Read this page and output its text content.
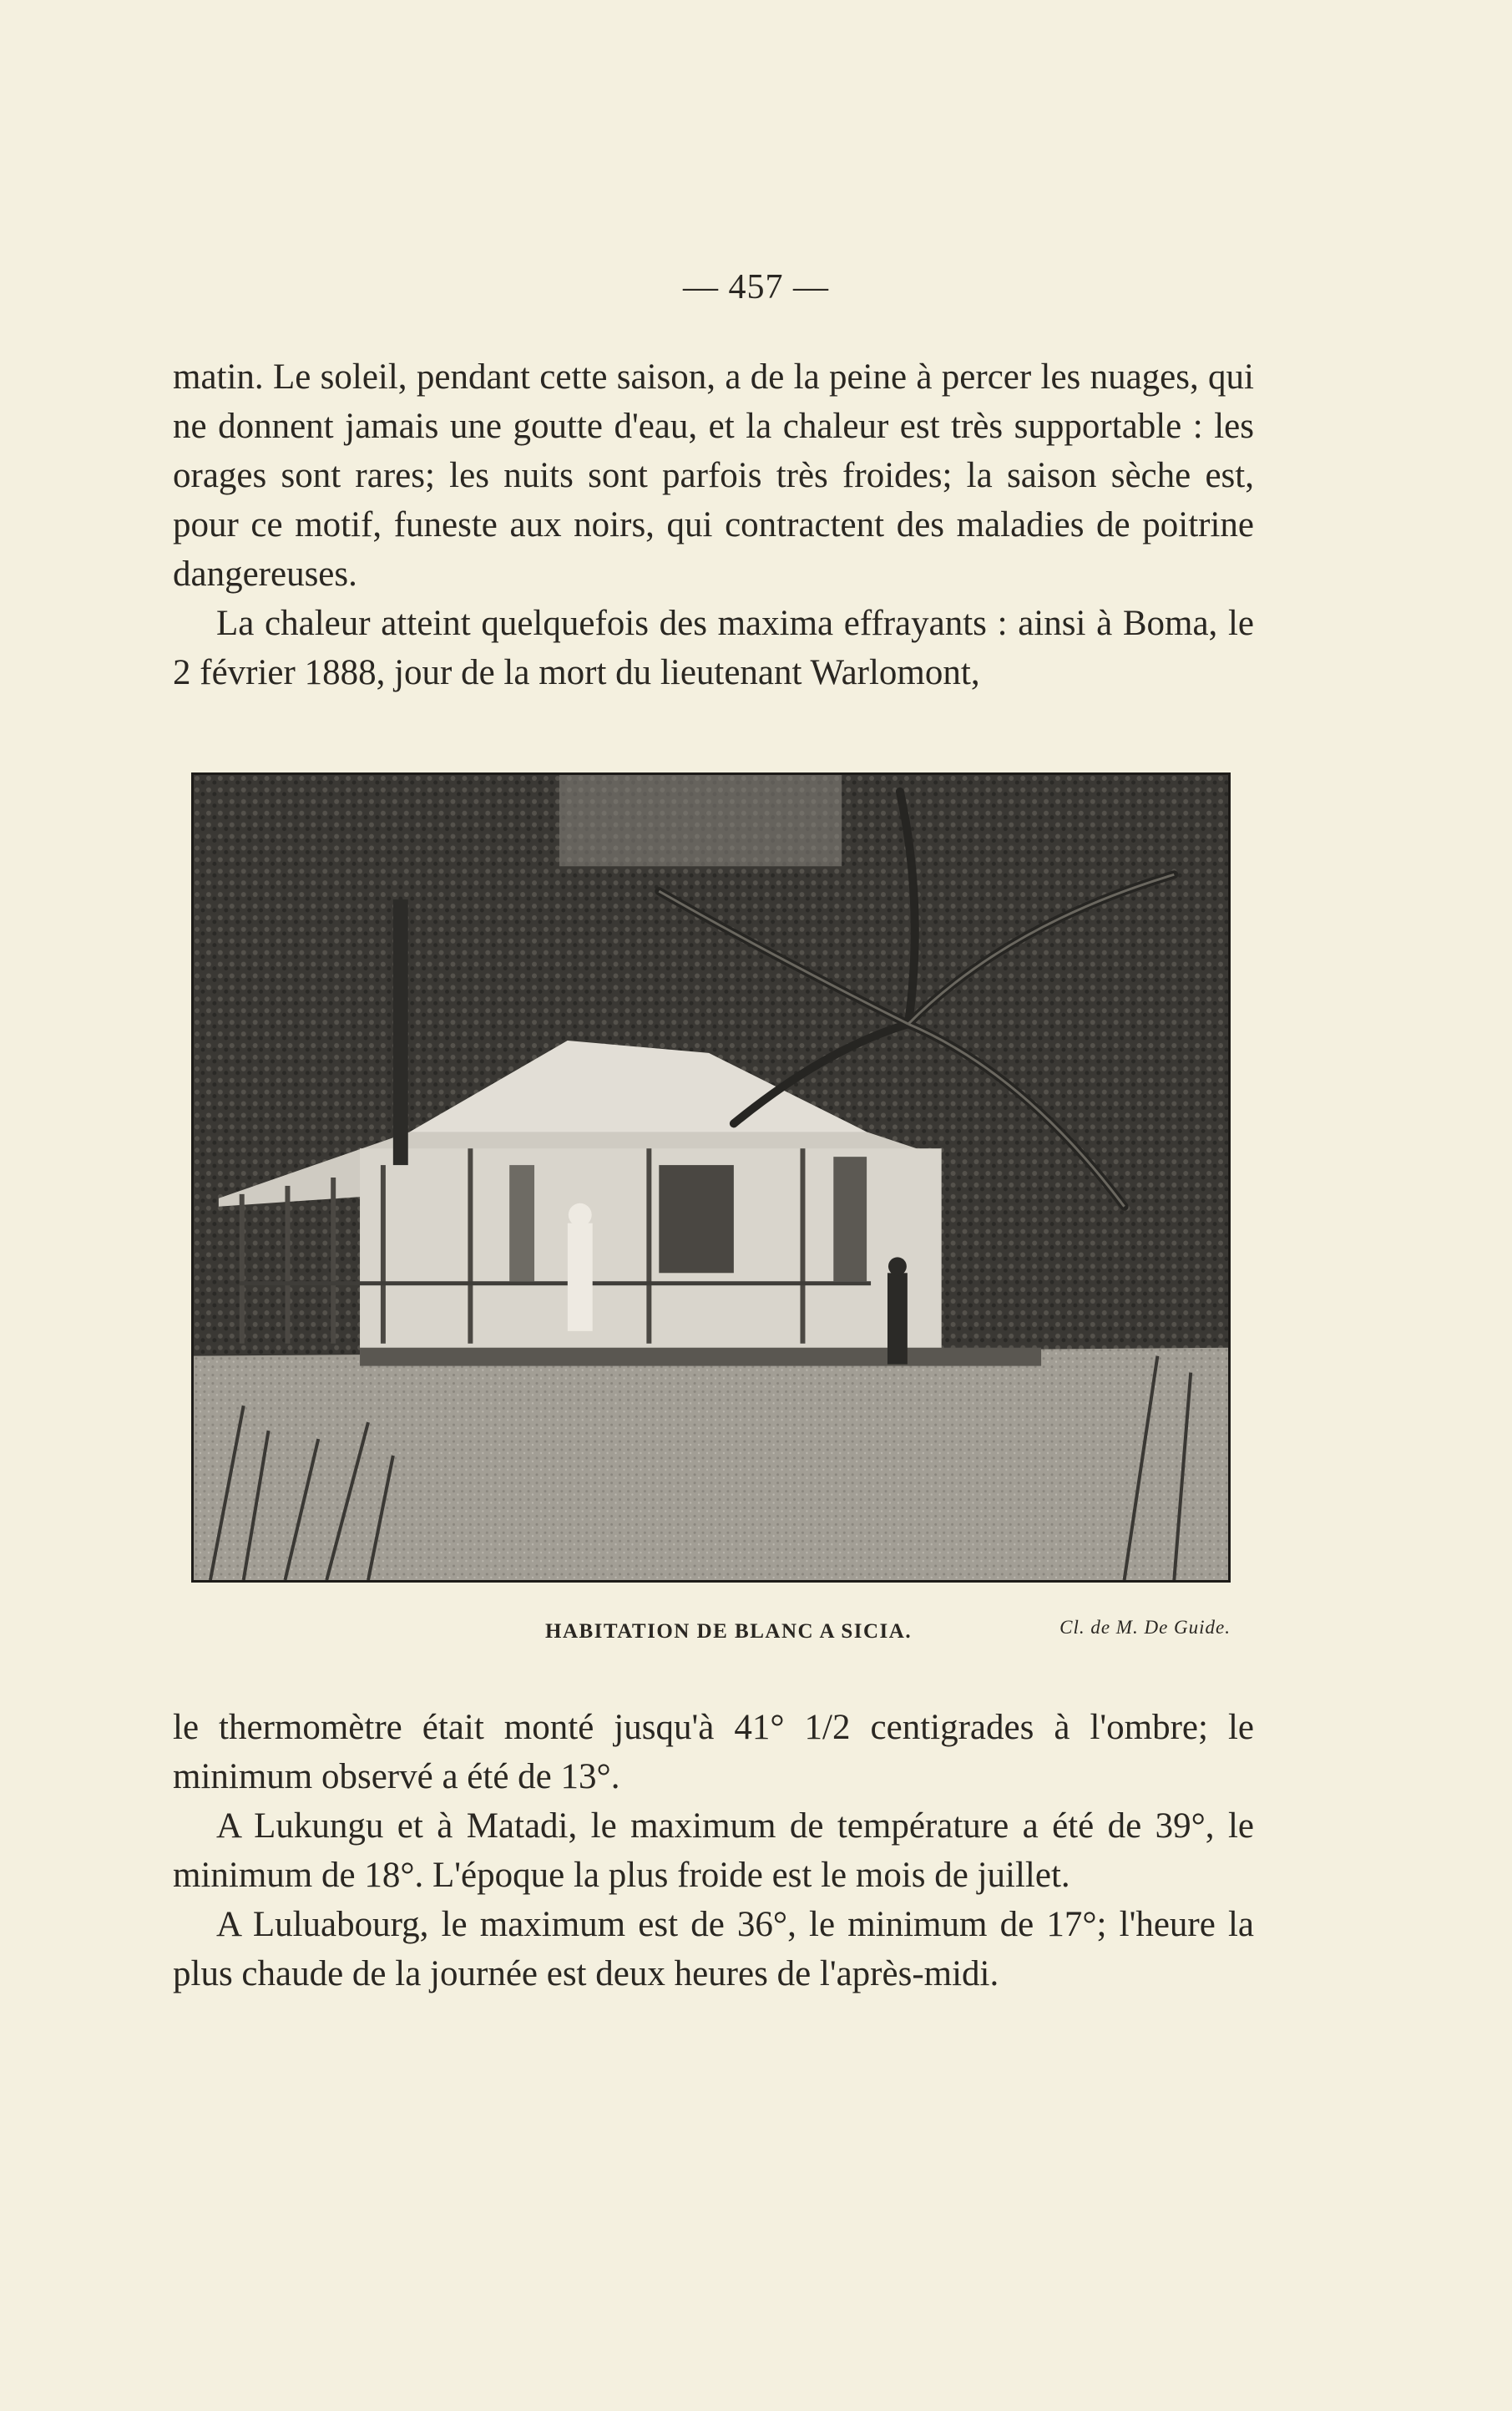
— 457 —

matin. Le soleil, pendant cette saison, a de la peine à percer les nuages, qui ne donnent jamais une goutte d'eau, et la chaleur est très supportable : les orages sont rares; les nuits sont parfois très froides; la saison sèche est, pour ce motif, funeste aux noirs, qui contractent des maladies de poitrine dangereuses.

La chaleur atteint quelquefois des maxima effrayants : ainsi à Boma, le 2 février 1888, jour de la mort du lieutenant Warlomont,

HABITATION DE BLANC A SICIA.	Cl. de M. De Guide.

le thermomètre était monté jusqu'à 41° 1/2 centigrades à l'ombre; le minimum observé a été de 13°.

A Lukungu et à Matadi, le maximum de température a été de 39°, le minimum de 18°. L'époque la plus froide est le mois de juillet.

A Luluabourg, le maximum est de 36°, le minimum de 17°; l'heure la plus chaude de la journée est deux heures de l'après-midi.
